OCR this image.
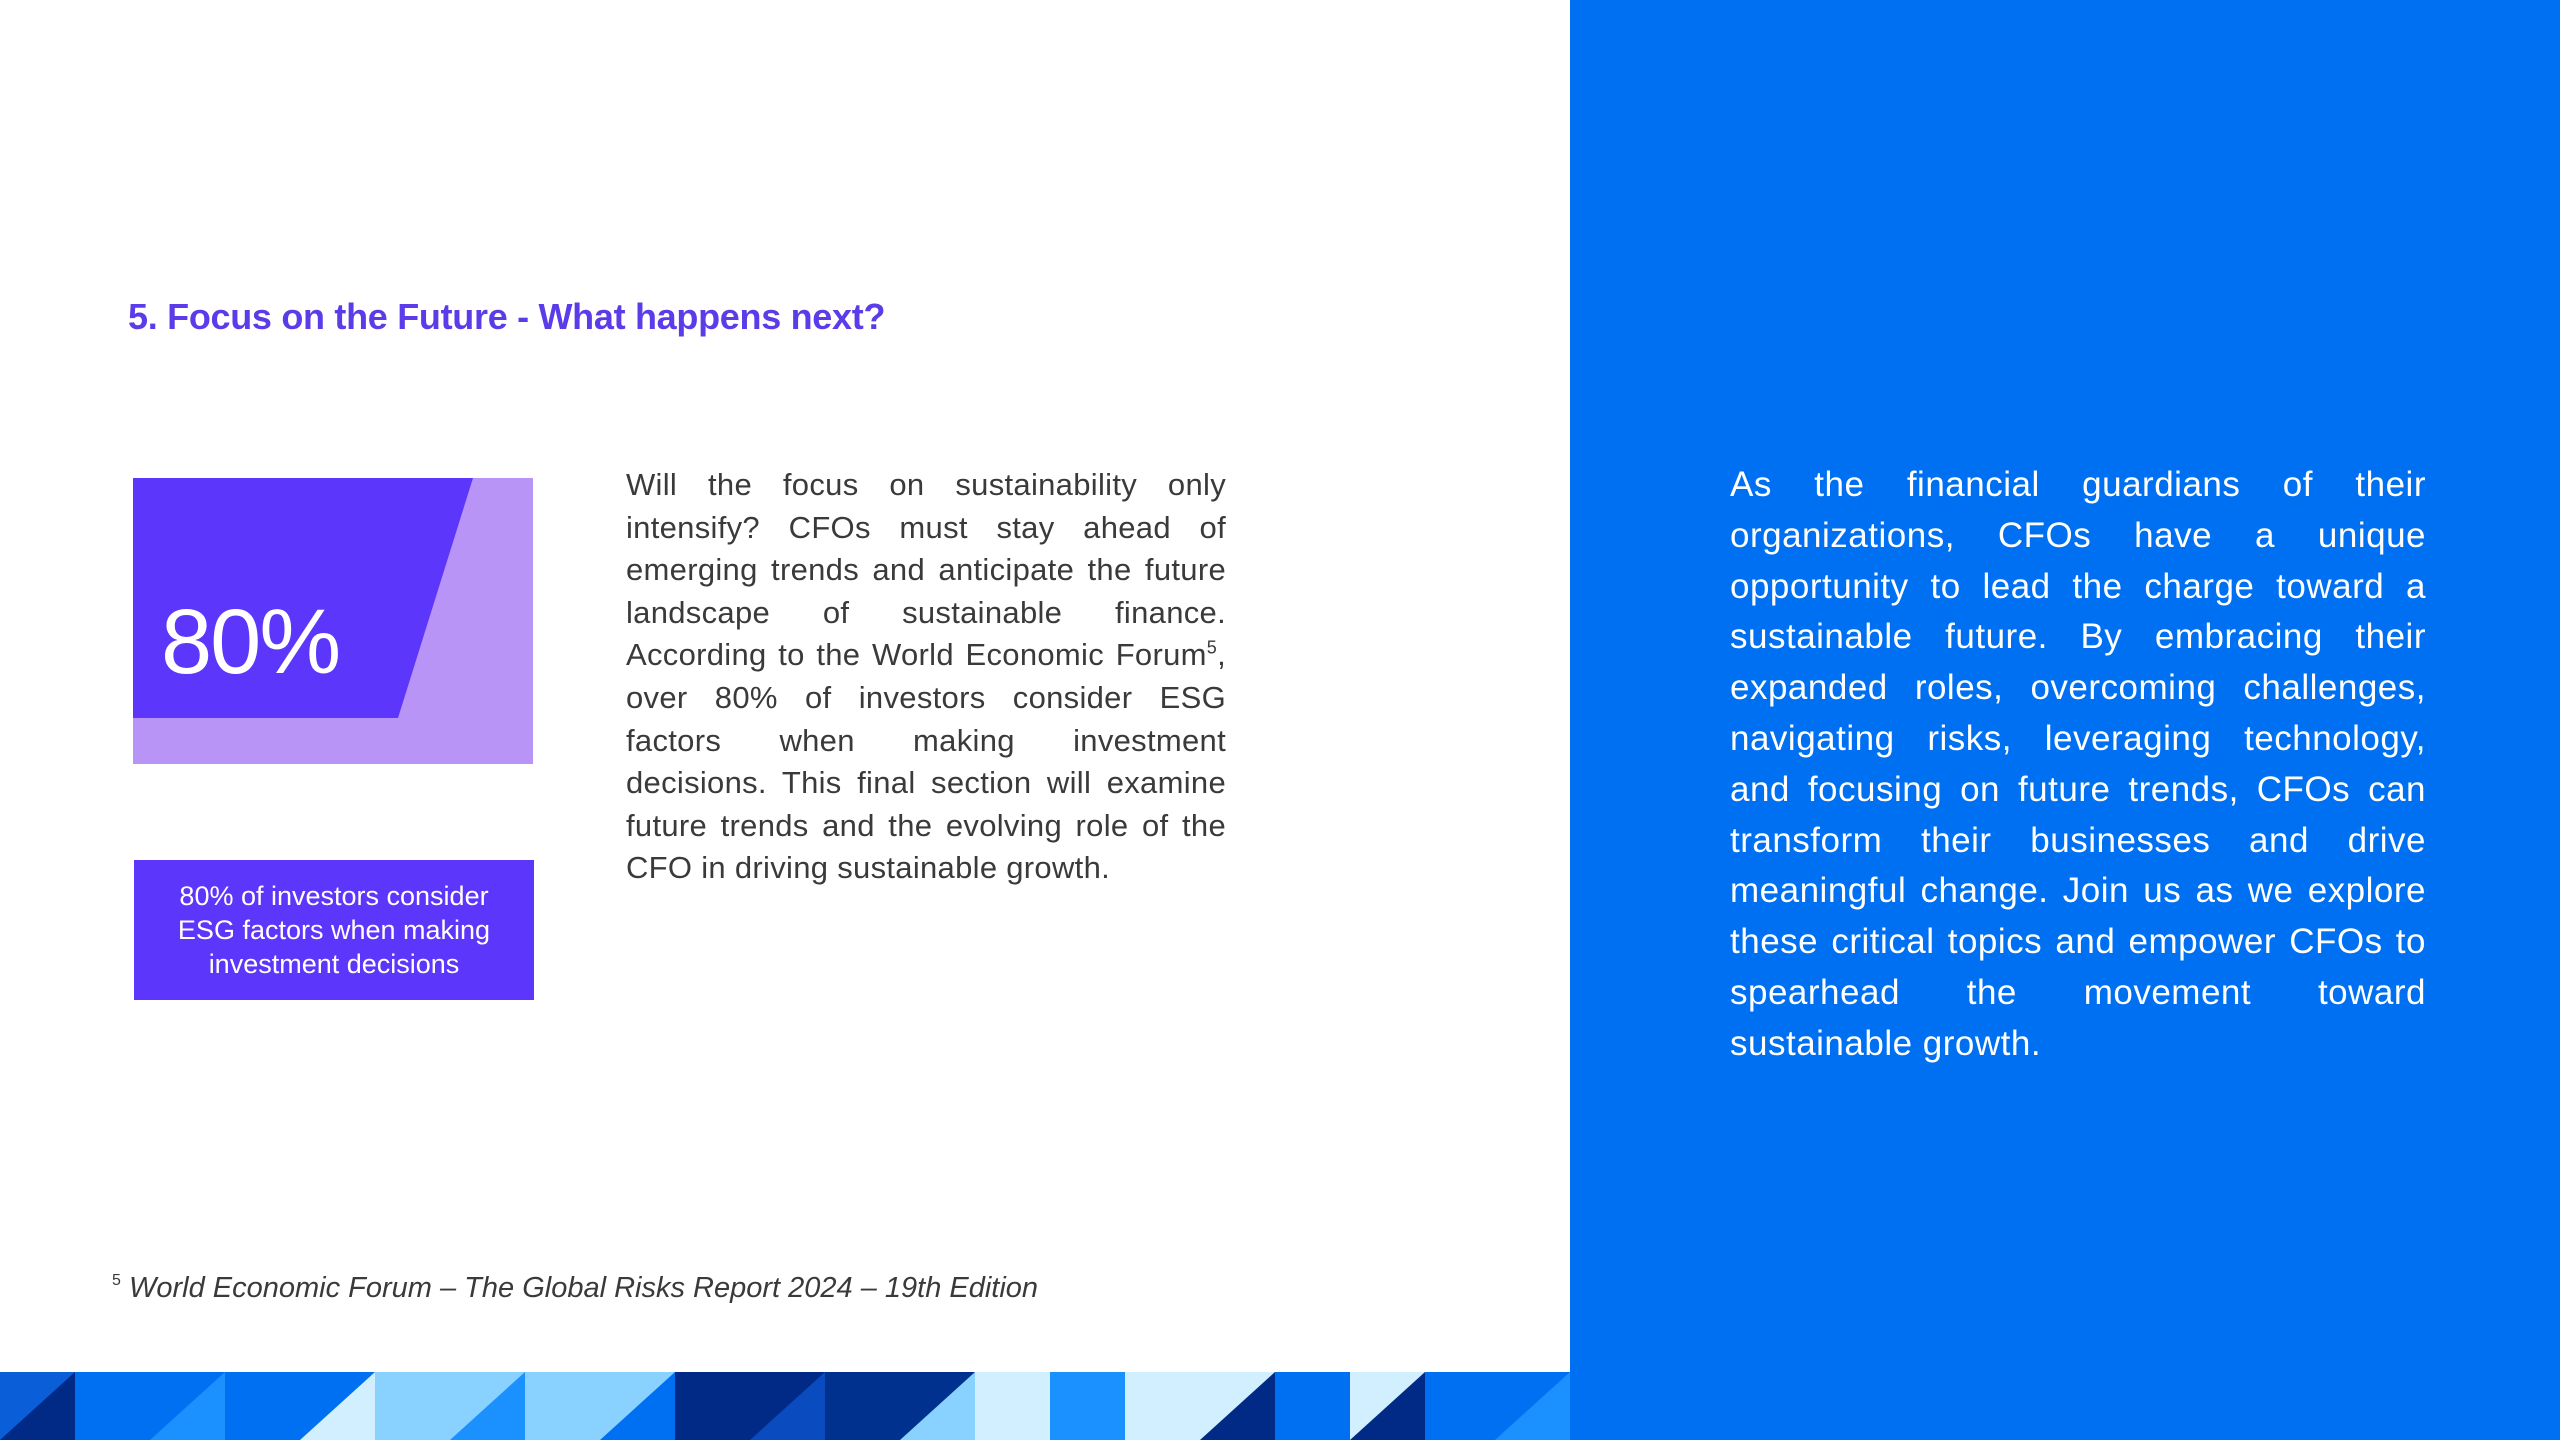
5. Focus on the Future - What happens next?
80%
80% of investors consider ESG factors when making investment decisions

Will the focus on sustainability only intensify? CFOs must stay ahead of emerging trends and anticipate the future landscape of sustainable finance. According to the World Economic Forum$^5$, over 80% of investors consider ESG factors when making investment decisions. This final section will examine future trends and the evolving role of the CFO in driving sustainable growth.

$^5$ World Economic Forum – The Global Risks Report 2024 – 19th Edition

As the financial guardians of their organizations, CFOs have a unique opportunity to lead the charge toward a sustainable future. By embracing their expanded roles, overcoming challenges, navigating risks, leveraging technology, and focusing on future trends, CFOs can transform their businesses and drive meaningful change. Join us as we explore these critical topics and empower CFOs to spearhead the movement toward sustainable growth.
